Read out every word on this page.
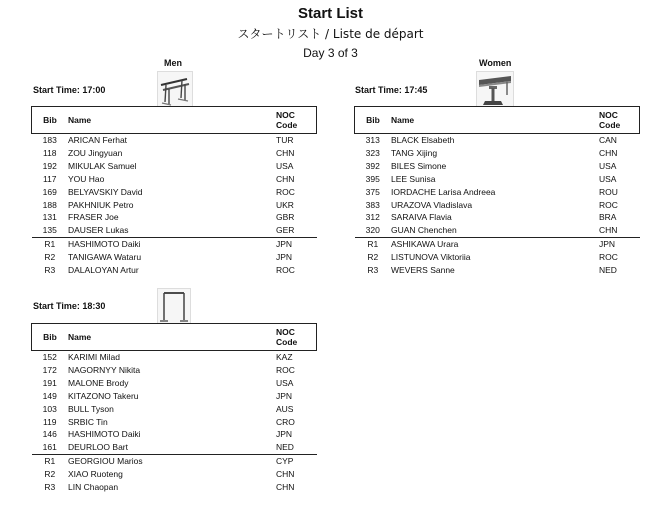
Start List
スタートリスト / Liste de départ
Day 3 of 3
Men
Start Time: 17:00
Bib	Name	NOC
Code
183	ARICAN Ferhat	TUR
118	ZOU Jingyuan	CHN
192	MIKULAK Samuel	USA
117	YOU Hao	CHN
169	BELYAVSKIY David	ROC
188	PAKHNIUK Petro	UKR
131	FRASER Joe	GBR
135	DAUSER Lukas	GER
R1	HASHIMOTO Daiki	JPN
R2	TANIGAWA Wataru	JPN
R3	DALALOYAN Artur	ROC
Women
Start Time: 17:45
Bib	Name	NOC
Code
313	BLACK Elsabeth	CAN
323	TANG Xijing	CHN
392	BILES Simone	USA
395	LEE Sunisa	USA
375	IORDACHE Larisa Andreea	ROU
383	URAZOVA Vladislava	ROC
312	SARAIVA Flavia	BRA
320	GUAN Chenchen	CHN
R1	ASHIKAWA Urara	JPN
R2	LISTUNOVA Viktoriia	ROC
R3	WEVERS Sanne	NED
Start Time: 18:30
Bib	Name	NOC
Code
152	KARIMI Milad	KAZ
172	NAGORNYY Nikita	ROC
191	MALONE Brody	USA
149	KITAZONO Takeru	JPN
103	BULL Tyson	AUS
119	SRBIC Tin	CRO
146	HASHIMOTO Daiki	JPN
161	DEURLOO Bart	NED
R1	GEORGIOU Marios	CYP
R2	XIAO Ruoteng	CHN
R3	LIN Chaopan	CHN
